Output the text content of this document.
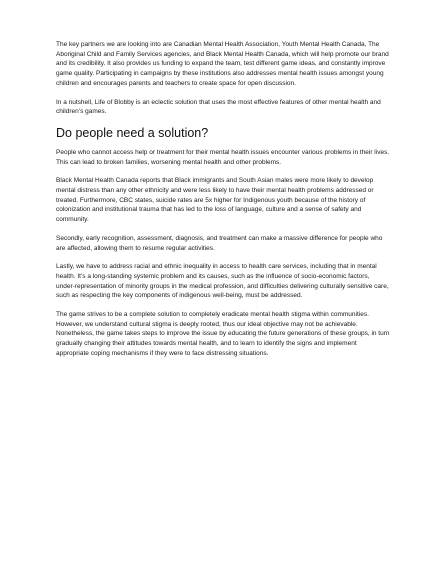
The key partners we are looking into are Canadian Mental Health Association, Youth Mental Health Canada, The Aboriginal Child and Family Services agencies, and Black Mental Health Canada, which will help promote our brand and its credibility. It also provides us funding to expand the team, test different game ideas, and constantly improve game quality. Participating in campaigns by these institutions also addresses mental health issues amongst young children and encourages parents and teachers to create space for open discussion.

In a nutshell, Life of Blobby is an eclectic solution that uses the most effective features of other mental health and children’s games.

Do people need a solution?

People who cannot access help or treatment for their mental health issues encounter various problems in their lives. This can lead to broken families, worsening mental health and other problems.

Black Mental Health Canada reports that Black immigrants and South Asian males were more likely to develop mental distress than any other ethnicity and were less likely to have their mental health problems addressed or treated. Furthermore, CBC states, suicide rates are 5x higher for Indigenous youth because of the history of colonization and institutional trauma that has led to the loss of language, culture and a sense of safety and community.

Secondly, early recognition, assessment, diagnosis, and treatment can make a massive difference for people who are affected, allowing them to resume regular activities.

Lastly, we have to address racial and ethnic inequality in access to health care services, including that in mental health. It’s a long-standing systemic problem and its causes, such as the influence of socio-economic factors, under-representation of minority groups in the medical profession, and difficulties delivering culturally sensitive care, such as respecting the key components of indigenous well-being, must be addressed.

The game strives to be a complete solution to completely eradicate mental health stigma within communities. However, we understand cultural stigma is deeply rooted, thus our ideal objective may not be achievable. Nonetheless, the game takes steps to improve the issue by educating the future generations of these groups, in turn gradually changing their attitudes towards mental health, and to learn to identify the signs and implement appropriate coping mechanisms if they were to face distressing situations.
